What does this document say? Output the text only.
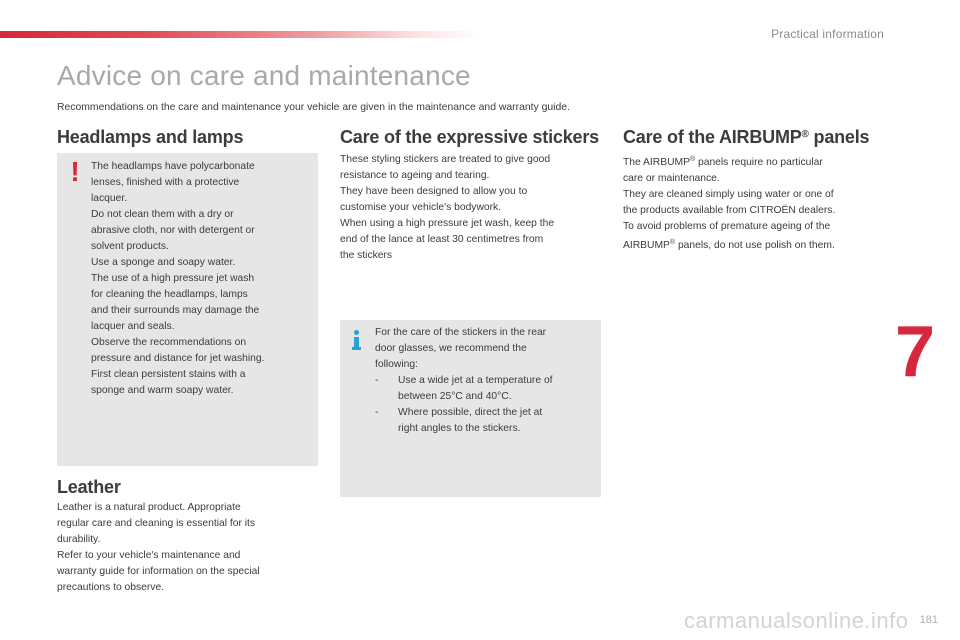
Practical information
Advice on care and maintenance

Recommendations on the care and maintenance your vehicle are given in the maintenance and warranty guide.

Headlamps and lamps
! The headlamps have polycarbonate
lenses, finished with a protective
lacquer.
Do not clean them with a dry or
abrasive cloth, nor with detergent or
solvent products.
Use a sponge and soapy water.
The use of a high pressure jet wash
for cleaning the headlamps, lamps
and their surrounds may damage the
lacquer and seals.
Observe the recommendations on
pressure and distance for jet washing.
First clean persistent stains with a
sponge and warm soapy water.

Leather

Leather is a natural product. Appropriate
regular care and cleaning is essential for its
durability.
Refer to your vehicle's maintenance and
warranty guide for information on the special
precautions to observe.

Care of the expressive stickers

These styling stickers are treated to give good
resistance to ageing and tearing.
They have been designed to allow you to
customise your vehicle's bodywork.
When using a high pressure jet wash, keep the
end of the lance at least 30 centimetres from
the stickers

For the care of the stickers in the rear
door glasses, we recommend the
following:

- Use a wide jet at a temperature of
between 25°C and 40°C.

- Where possible, direct the jet at
right angles to the stickers.

Care of the AIRBUMP® panels

The AIRBUMP® panels require no particular
care or maintenance.
They are cleaned simply using water or one of
the products available from CITROËN dealers.
To avoid problems of premature ageing of the
AIRBUMP® panels, do not use polish on them.

7
carmanualsonline.info 181
